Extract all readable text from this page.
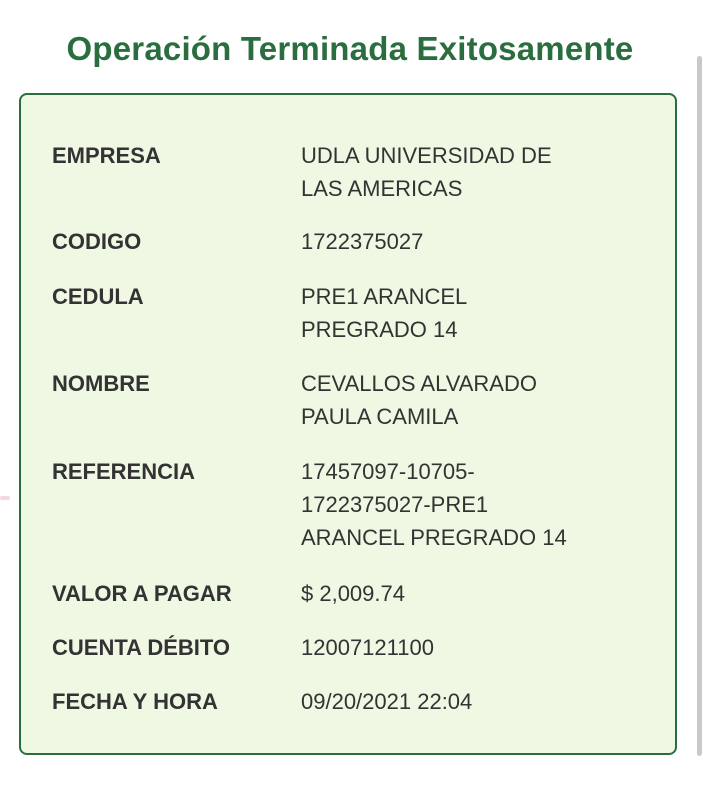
Operación Terminada Exitosamente
EMPRESA	UDLA UNIVERSIDAD DE
LAS AMERICAS
CODIGO	1722375027
CEDULA	PRE1 ARANCEL
PREGRADO 14
NOMBRE	CEVALLOS ALVARADO
PAULA CAMILA
REFERENCIA	17457097-10705-
1722375027-PRE1
ARANCEL PREGRADO 14
VALOR A PAGAR	$ 2,009.74
CUENTA DÉBITO	12007121100
FECHA Y HORA	09/20/2021 22:04
